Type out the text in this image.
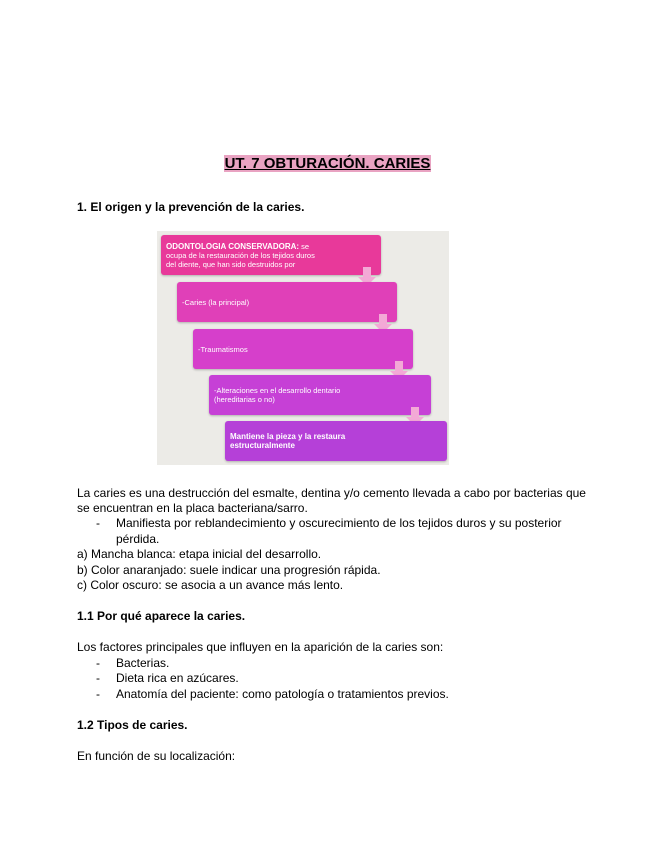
UT. 7 OBTURACIÓN. CARIES
1. El origen y la prevención de la caries.
ODONTOLOGIA CONSERVADORA: se
ocupa de la restauración de los tejidos duros
del diente, que han sido destruidos por
-Caries (la principal)
-Traumatismos
-Alteraciones en el desarrollo dentario
(hereditarias o no)
Mantiene la pieza y la restaura
estructuralmente
La caries es una destrucción del esmalte, dentina y/o cemento llevada a cabo por bacterias que
se encuentran en la placa bacteriana/sarro.
- Manifiesta por reblandecimiento y oscurecimiento de los tejidos duros y su posterior
pérdida.
a) Mancha blanca: etapa inicial del desarrollo.
b) Color anaranjado: suele indicar una progresión rápida.
c) Color oscuro: se asocia a un avance más lento.
1.1 Por qué aparece la caries.
Los factores principales que influyen en la aparición de la caries son:
- Bacterias.
- Dieta rica en azúcares.
- Anatomía del paciente: como patología o tratamientos previos.
1.2 Tipos de caries.
En función de su localización:
